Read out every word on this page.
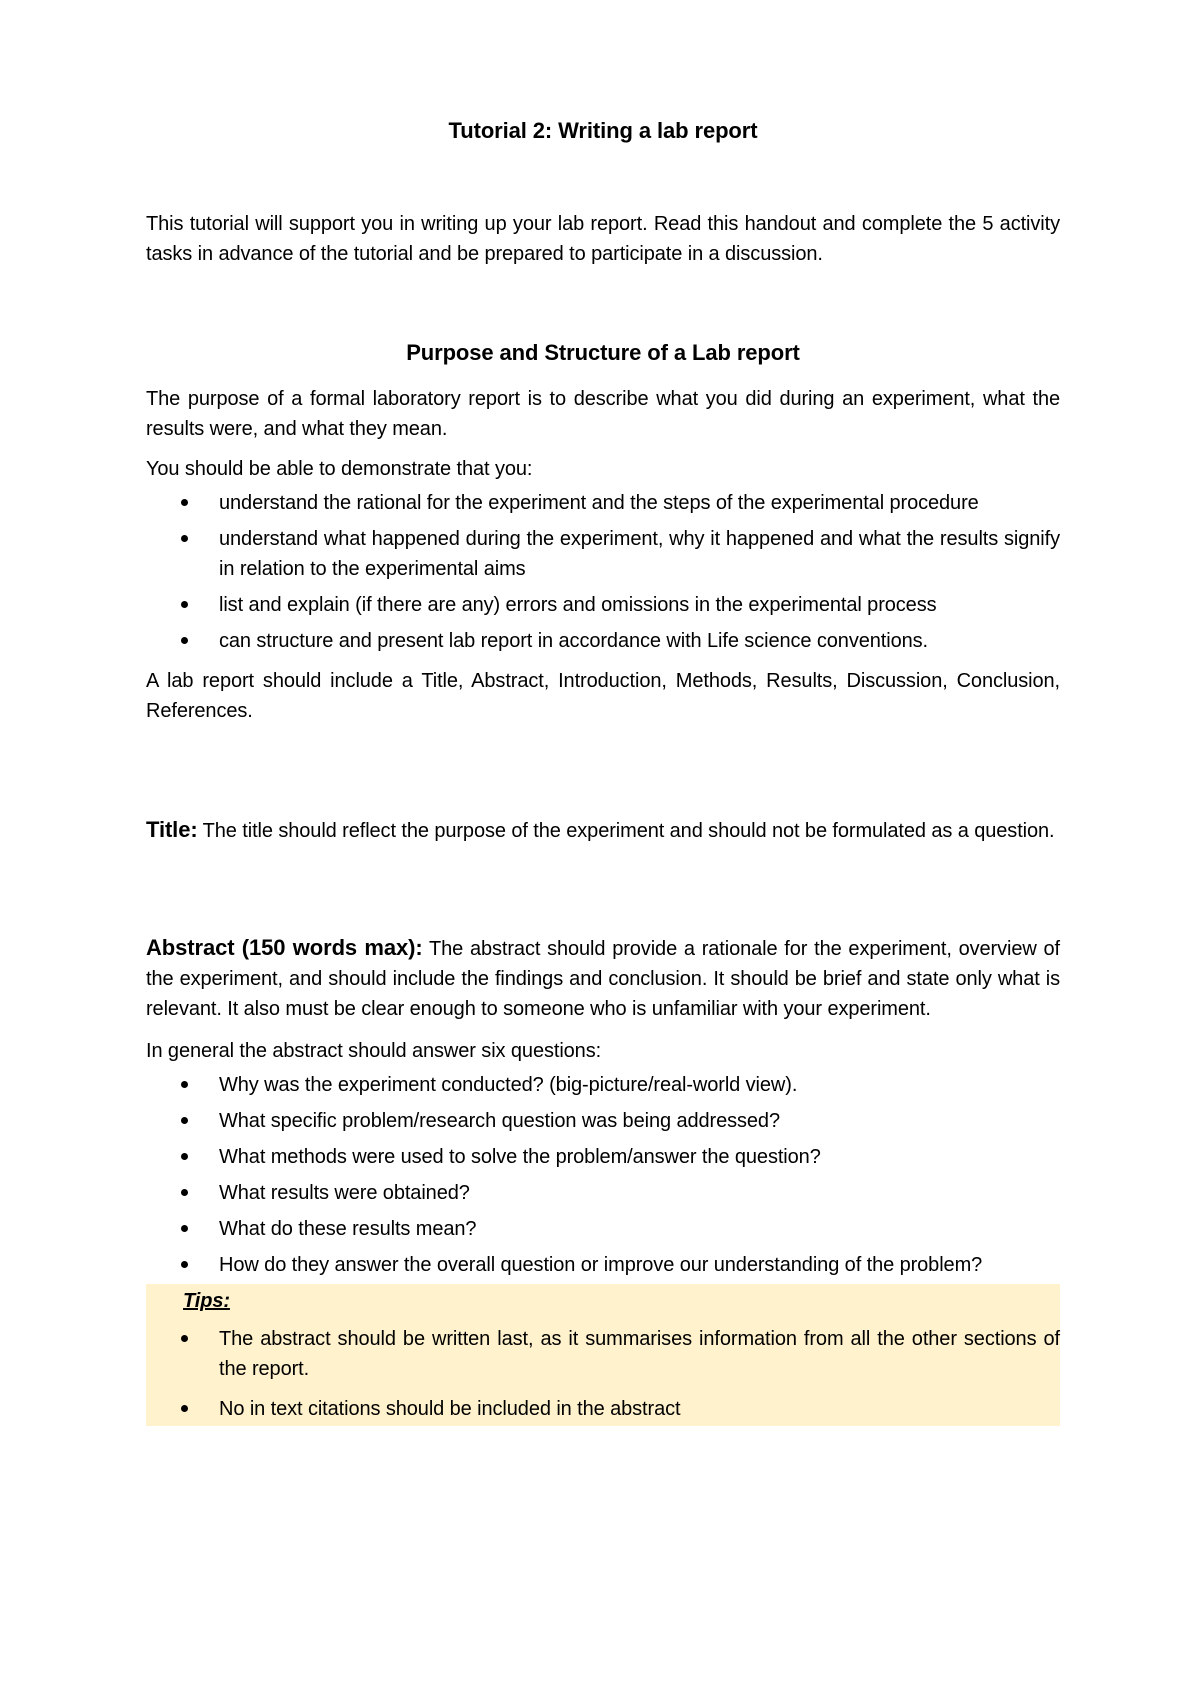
Tutorial 2: Writing a lab report

This tutorial will support you in writing up your lab report. Read this handout and complete the 5 activity tasks in advance of the tutorial and be prepared to participate in a discussion.

Purpose and Structure of a Lab report

The purpose of a formal laboratory report is to describe what you did during an experiment, what the results were, and what they mean.

You should be able to demonstrate that you:

understand the rational for the experiment and the steps of the experimental procedure
understand what happened during the experiment, why it happened and what the results signify in relation to the experimental aims
list and explain (if there are any) errors and omissions in the experimental process
can structure and present lab report in accordance with Life science conventions.

A lab report should include a Title, Abstract, Introduction, Methods, Results, Discussion, Conclusion, References.

Title: The title should reflect the purpose of the experiment and should not be formulated as a question.

Abstract (150 words max): The abstract should provide a rationale for the experiment, overview of the experiment, and should include the findings and conclusion. It should be brief and state only what is relevant. It also must be clear enough to someone who is unfamiliar with your experiment.

In general the abstract should answer six questions:

Why was the experiment conducted? (big-picture/real-world view).
What specific problem/research question was being addressed?
What methods were used to solve the problem/answer the question?
What results were obtained?
What do these results mean?
How do they answer the overall question or improve our understanding of the problem?
Tips:
The abstract should be written last, as it summarises information from all the other sections of the report.
No in text citations should be included in the abstract
